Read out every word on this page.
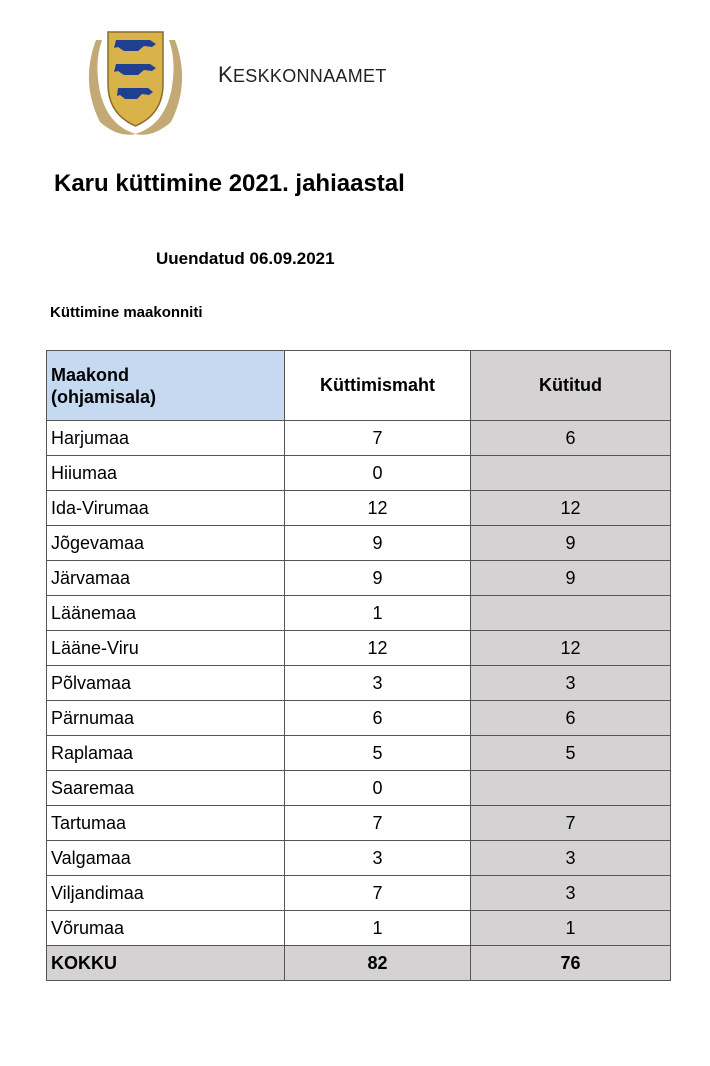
KESKKONNAAMET
Karu küttimine 2021. jahiaastal
Uuendatud 06.09.2021
Küttimine maakonniti
Maakond
(ohjamisala)	Küttimismaht	Kütitud
Harjumaa	7	6
Hiiumaa	0	
Ida-Virumaa	12	12
Jõgevamaa	9	9
Järvamaa	9	9
Läänemaa	1	
Lääne-Viru	12	12
Põlvamaa	3	3
Pärnumaa	6	6
Raplamaa	5	5
Saaremaa	0	
Tartumaa	7	7
Valgamaa	3	3
Viljandimaa	7	3
Võrumaa	1	1
KOKKU	82	76
